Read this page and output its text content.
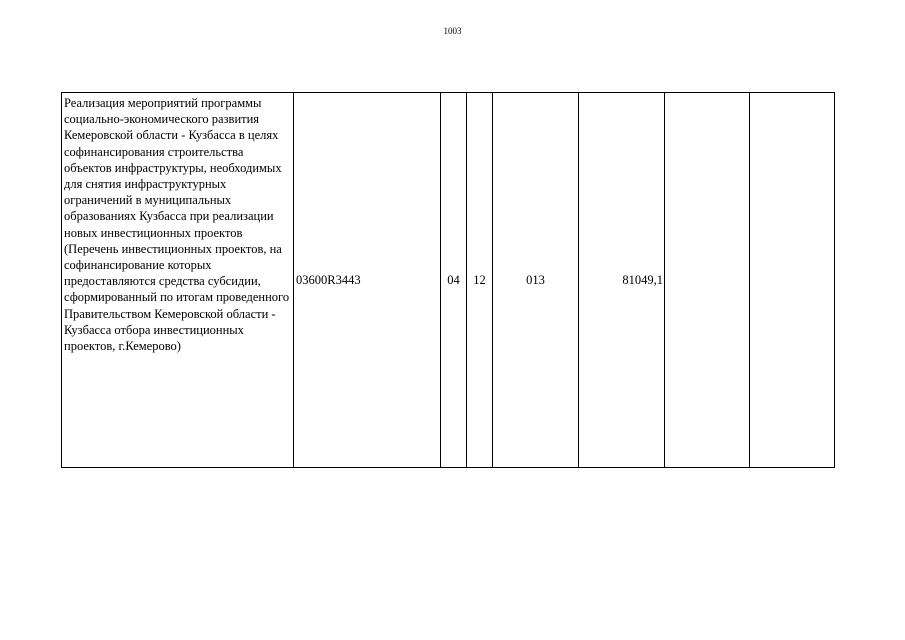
1003
Реализация мероприятий программы социально-экономического развития Кемеровской области - Кузбасса в целях софинансирования строительства объектов инфраструктуры, необходимых для снятия инфраструктурных ограничений в муниципальных образованиях Кузбасса при реализации новых инвестиционных проектов (Перечень инвестиционных проектов, на софинансирование которых предоставляются средства субсидии, сформированный по итогам проведенного Правительством Кемеровской области - Кузбасса отбора инвестиционных проектов, г.Кемерово)	03600R3443	04	12	013	81049,1		
